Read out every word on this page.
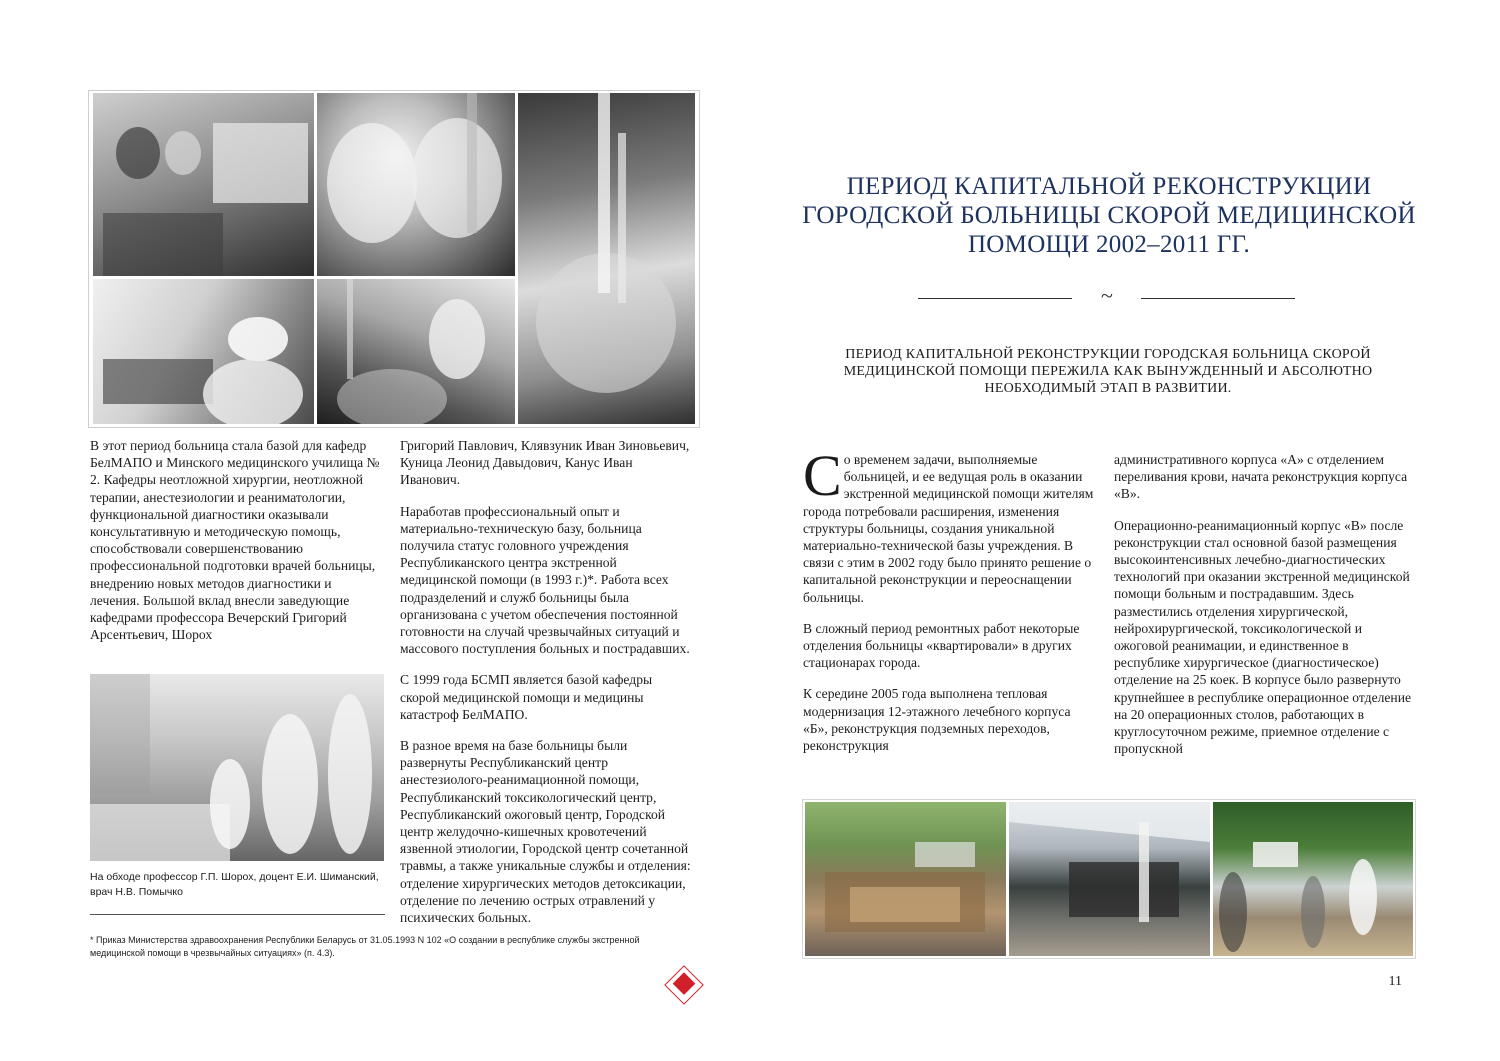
В этот период больница стала базой для кафедр БелМАПО и Минского медицинского училища № 2. Кафедры неотложной хирургии, неотложной терапии, анестезиологии и реаниматологии, функциональной диагностики оказывали консультативную и методическую помощь, способствовали совершенствованию профессиональной подготовки врачей больницы, внедрению новых методов диагностики и лечения. Большой вклад внесли заведующие кафедрами профессора Вечерский Григорий Арсентьевич, Шорох

Григорий Павлович, Клявзуник Иван Зиновьевич, Куница Леонид Давыдович, Канус Иван Иванович.

Наработав профессиональный опыт и материально-техническую базу, больница получила статус головного учреждения Республиканского центра экстренной медицинской помощи (в 1993 г.)*. Работа всех подразделений и служб больницы была организована с учетом обеспечения постоянной готовности на случай чрезвычайных ситуаций и массового поступления больных и пострадавших.

С 1999 года БСМП является базой кафедры скорой медицинской помощи и медицины катастроф БелМАПО.

В разное время на базе больницы были развернуты Республиканский центр анестезиолого-реанимационной помощи, Республиканский токсикологический центр, Республиканский ожоговый центр, Городской центр желудочно-кишечных кровотечений язвенной этиологии, Городской центр сочетанной травмы, а также уникальные службы и отделения: отделение хирургических методов детоксикации, отделение по лечению острых отравлений у психических больных.

На обходе профессор Г.П. Шорох, доцент Е.И. Шиманский, врач Н.В. Помычко
* Приказ Министерства здравоохранения Республики Беларусь от 31.05.1993 N 102 «О создании в республике службы экстренной медицинской помощи в чрезвычайных ситуациях» (п. 4.3).
ПЕРИОД КАПИТАЛЬНОЙ РЕКОНСТРУКЦИИ ГОРОДСКОЙ БОЛЬНИЦЫ СКОРОЙ МЕДИЦИНСКОЙ ПОМОЩИ 2002–2011 ГГ.
~
ПЕРИОД КАПИТАЛЬНОЙ РЕКОНСТРУКЦИИ ГОРОДСКАЯ БОЛЬНИЦА СКОРОЙ МЕДИЦИНСКОЙ ПОМОЩИ ПЕРЕЖИЛА КАК ВЫНУЖДЕННЫЙ И АБСОЛЮТНО НЕОБХОДИМЫЙ ЭТАП В РАЗВИТИИ.

С о временем задачи, выполняемые больницей, и ее ведущая роль в оказании экстренной медицинской помощи жителям города потребовали расширения, изменения структуры больницы, создания уникальной материально-технической базы учреждения. В связи с этим в 2002 году было принято решение о капитальной реконструкции и переоснащении больницы.

В сложный период ремонтных работ некоторые отделения больницы «квартировали» в других стационарах города.

К середине 2005 года выполнена тепловая модернизация 12-этажного лечебного корпуса «Б», реконструкция подземных переходов, реконструкция

административного корпуса «А» с отделением переливания крови, начата реконструкция корпуса «В».

Операционно-реанимационный корпус «В» после реконструкции стал основной базой размещения высокоинтенсивных лечебно-диагностических технологий при оказании экстренной медицинской помощи больным и пострадавшим. Здесь разместились отделения хирургической, нейрохирургической, токсикологической и ожоговой реанимации, и единственное в республике хирургическое (диагностическое) отделение на 25 коек. В корпусе было развернуто крупнейшее в республике операционное отделение на 20 операционных столов, работающих в круглосуточном режиме, приемное отделение с пропускной

11
